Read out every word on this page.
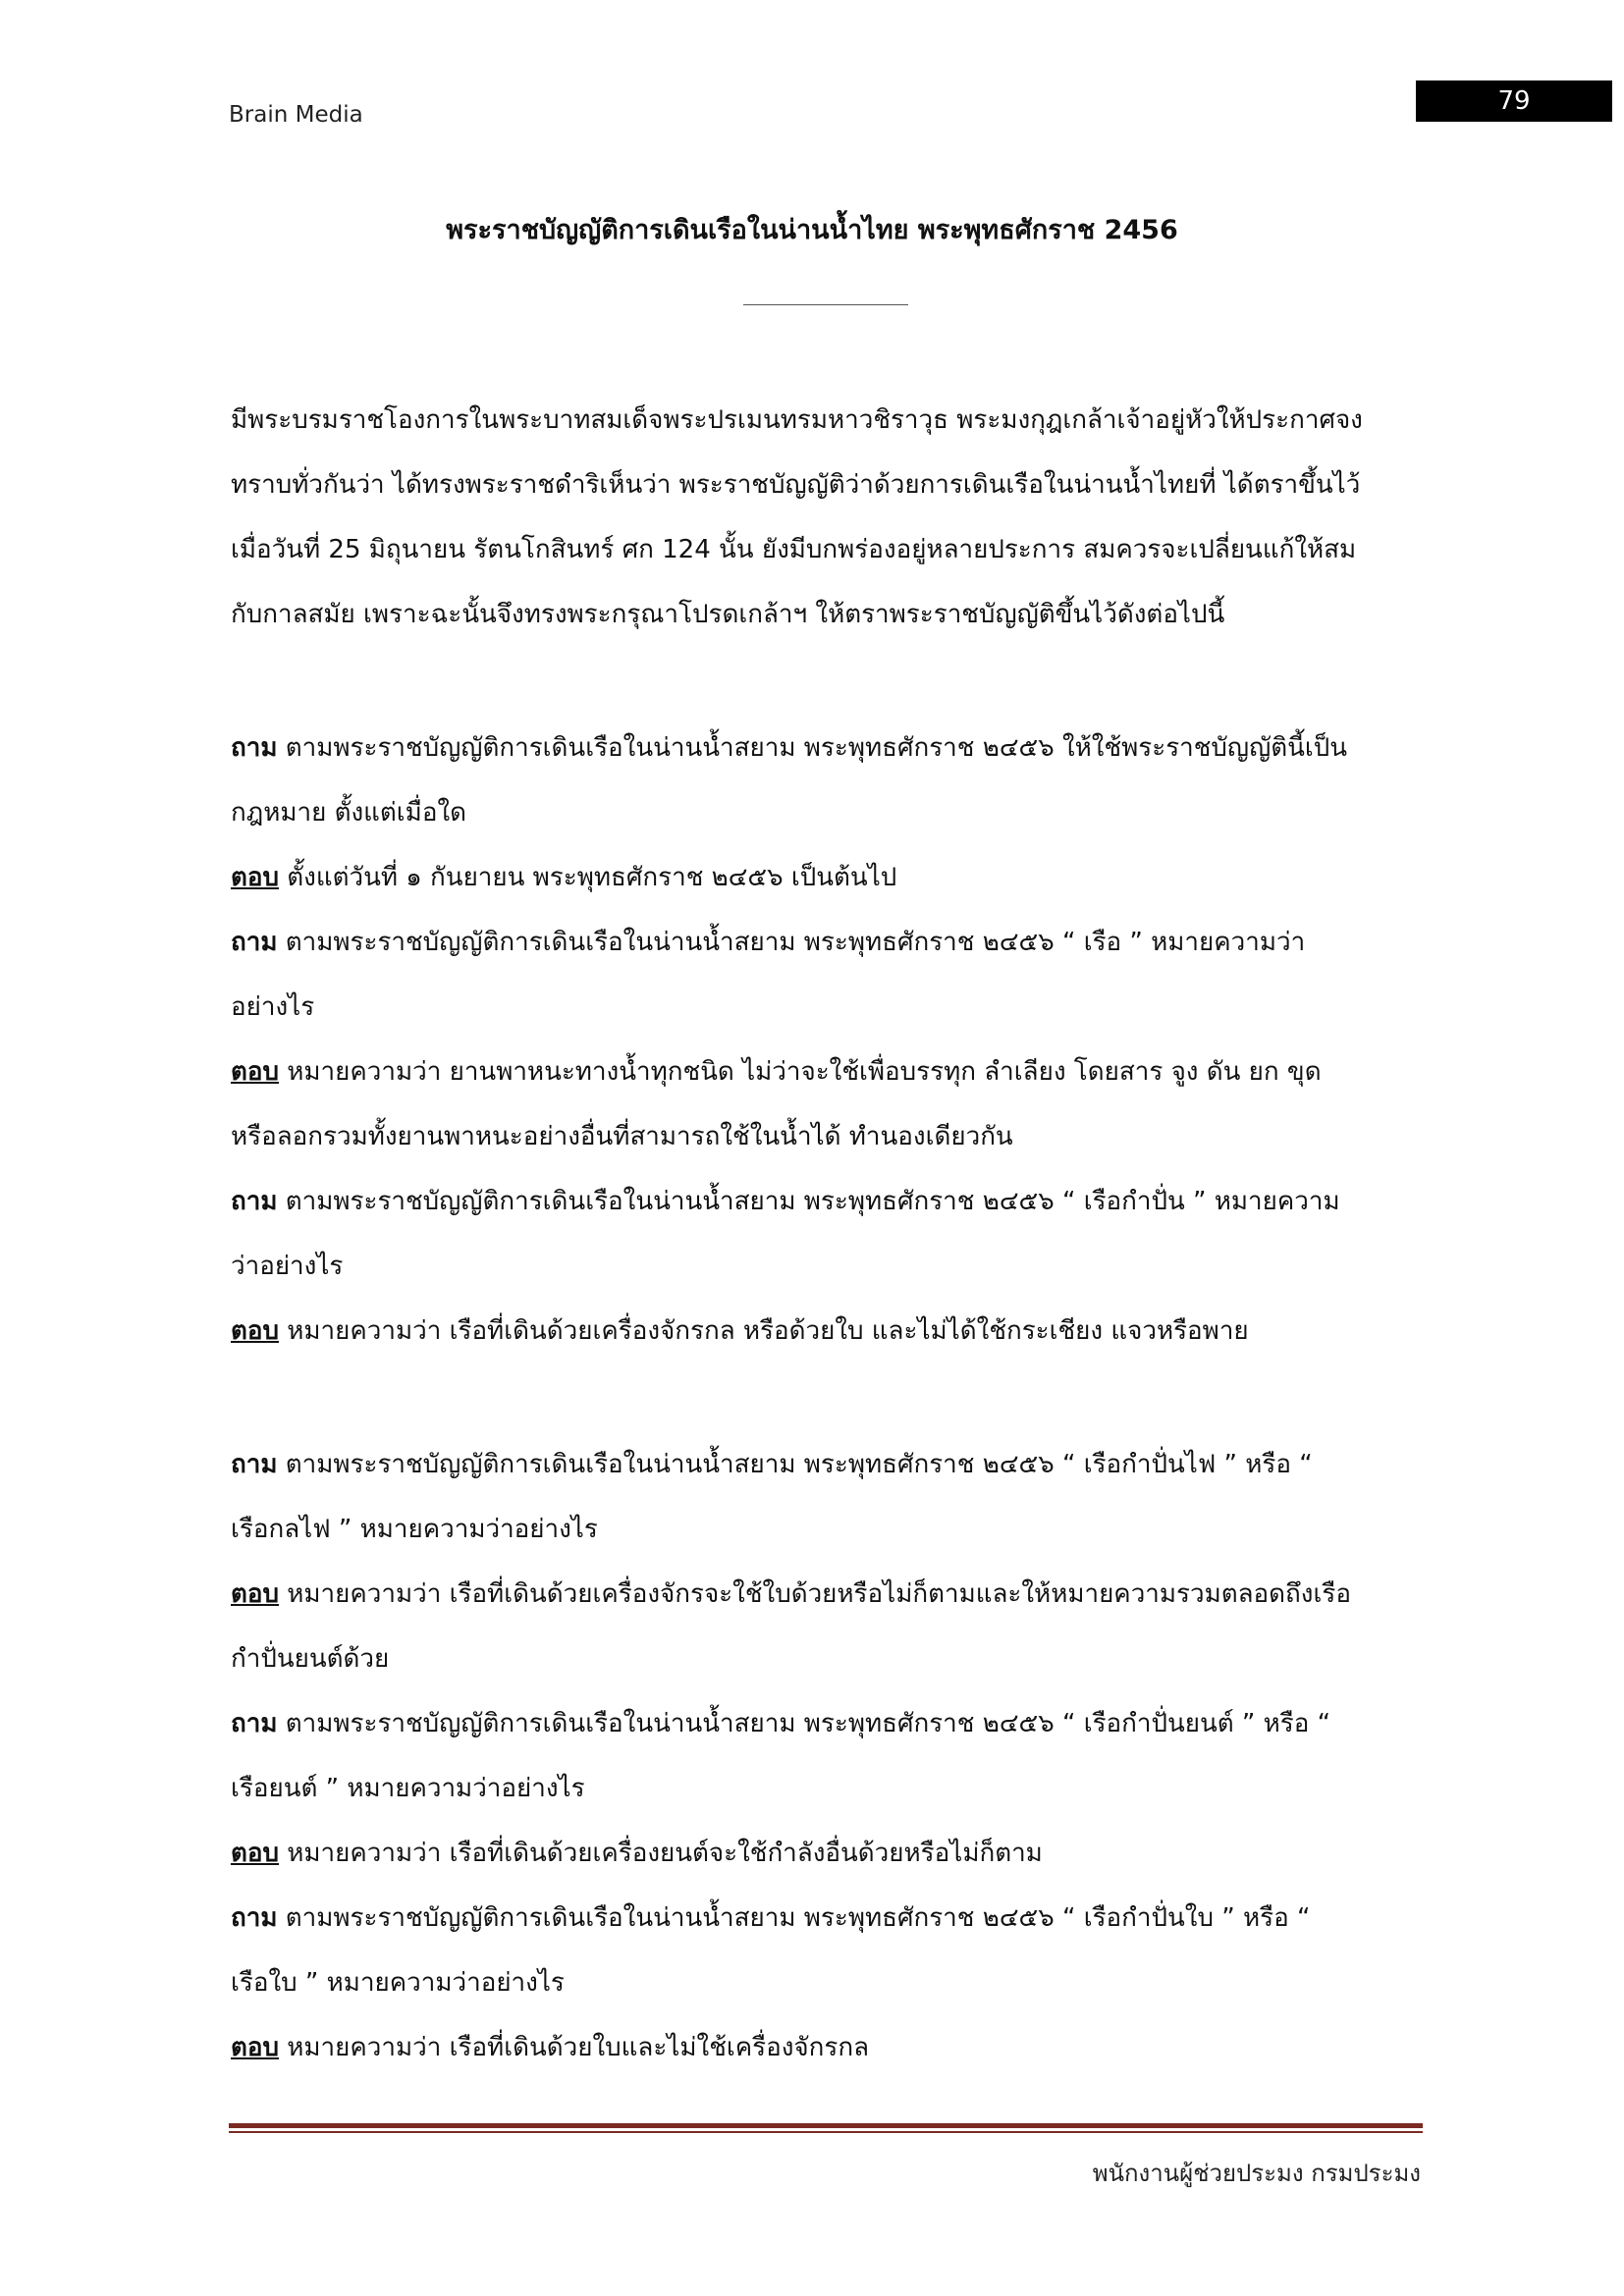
Brain Media	79
พระราชบัญญัติการเดินเรือในน่านน้ำไทย พระพุทธศักราช 2456
มีพระบรมราชโองการในพระบาทสมเด็จพระปรเมนทรมหาวชิราวุธ พระมงกุฎเกล้าเจ้าอยู่หัวให้ประกาศจง
ทราบทั่วกันว่า ได้ทรงพระราชดำริเห็นว่า พระราชบัญญัติว่าด้วยการเดินเรือในน่านน้ำไทยที่ ได้ตราขึ้นไว้
เมื่อวันที่ 25 มิถุนายน รัตนโกสินทร์ ศก 124 นั้น ยังมีบกพร่องอยู่หลายประการ สมควรจะเปลี่ยนแก้ให้สม
กับกาลสมัย เพราะฉะนั้นจึงทรงพระกรุณาโปรดเกล้าฯ ให้ตราพระราชบัญญัติขึ้นไว้ดังต่อไปนี้
ถาม ตามพระราชบัญญัติการเดินเรือในน่านน้ำสยาม พระพุทธศักราช ๒๔๕๖ ให้ใช้พระราชบัญญัตินี้เป็น
กฎหมาย ตั้งแต่เมื่อใด
ตอบ ตั้งแต่วันที่ ๑ กันยายน พระพุทธศักราช ๒๔๕๖ เป็นต้นไป
ถาม ตามพระราชบัญญัติการเดินเรือในน่านน้ำสยาม พระพุทธศักราช ๒๔๕๖ “ เรือ ” หมายความว่า
อย่างไร
ตอบ หมายความว่า ยานพาหนะทางน้ำทุกชนิด ไม่ว่าจะใช้เพื่อบรรทุก ลำเลียง โดยสาร จูง ดัน ยก ขุด
หรือลอกรวมทั้งยานพาหนะอย่างอื่นที่สามารถใช้ในน้ำได้ ทำนองเดียวกัน
ถาม ตามพระราชบัญญัติการเดินเรือในน่านน้ำสยาม พระพุทธศักราช ๒๔๕๖ “ เรือกำปั่น ” หมายความ
ว่าอย่างไร
ตอบ หมายความว่า เรือที่เดินด้วยเครื่องจักรกล หรือด้วยใบ และไม่ได้ใช้กระเชียง แจวหรือพาย
ถาม ตามพระราชบัญญัติการเดินเรือในน่านน้ำสยาม พระพุทธศักราช ๒๔๕๖ “ เรือกำปั่นไฟ ” หรือ “
เรือกลไฟ ” หมายความว่าอย่างไร
ตอบ หมายความว่า เรือที่เดินด้วยเครื่องจักรจะใช้ใบด้วยหรือไม่ก็ตามและให้หมายความรวมตลอดถึงเรือ
กำปั่นยนต์ด้วย
ถาม ตามพระราชบัญญัติการเดินเรือในน่านน้ำสยาม พระพุทธศักราช ๒๔๕๖ “ เรือกำปั่นยนต์ ” หรือ “
เรือยนต์ ” หมายความว่าอย่างไร
ตอบ หมายความว่า เรือที่เดินด้วยเครื่องยนต์จะใช้กำลังอื่นด้วยหรือไม่ก็ตาม
ถาม ตามพระราชบัญญัติการเดินเรือในน่านน้ำสยาม พระพุทธศักราช ๒๔๕๖ “ เรือกำปั่นใบ ” หรือ “
เรือใบ ” หมายความว่าอย่างไร
ตอบ หมายความว่า เรือที่เดินด้วยใบและไม่ใช้เครื่องจักรกล
พนักงานผู้ช่วยประมง กรมประมง
